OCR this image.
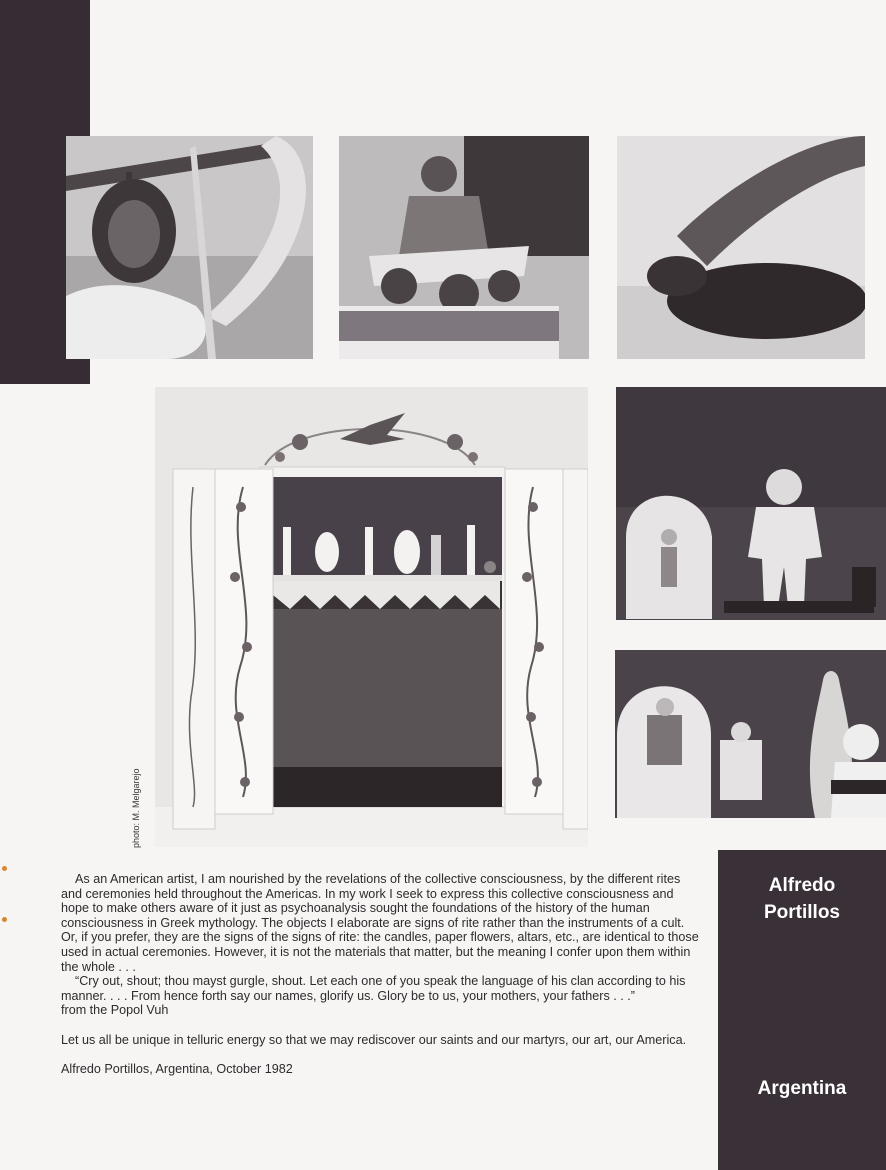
photo: M. Melgarejo

As an American artist, I am nourished by the revelations of the collective consciousness, by the different rites and ceremonies held throughout the Americas. In my work I seek to express this collective consciousness and hope to make others aware of it just as psychoanalysis sought the foundations of the history of the human consciousness in Greek mythology. The objects I elaborate are signs of rite rather than the instruments of a cult. Or, if you prefer, they are the signs of the signs of rite: the candles, paper flowers, altars, etc., are identical to those used in actual ceremonies. However, it is not the materials that matter, but the meaning I confer upon them within the whole . . .

“Cry out, shout; thou mayst gurgle, shout. Let each one of you speak the language of his clan according to his manner. . . . From hence forth say our names, glorify us. Glory be to us, your mothers, your fathers . . .”

from the Popol Vuh

Let us all be unique in telluric energy so that we may rediscover our saints and our martyrs, our art, our America.

Alfredo Portillos, Argentina, October 1982

Alfredo
Portillos
Argentina
